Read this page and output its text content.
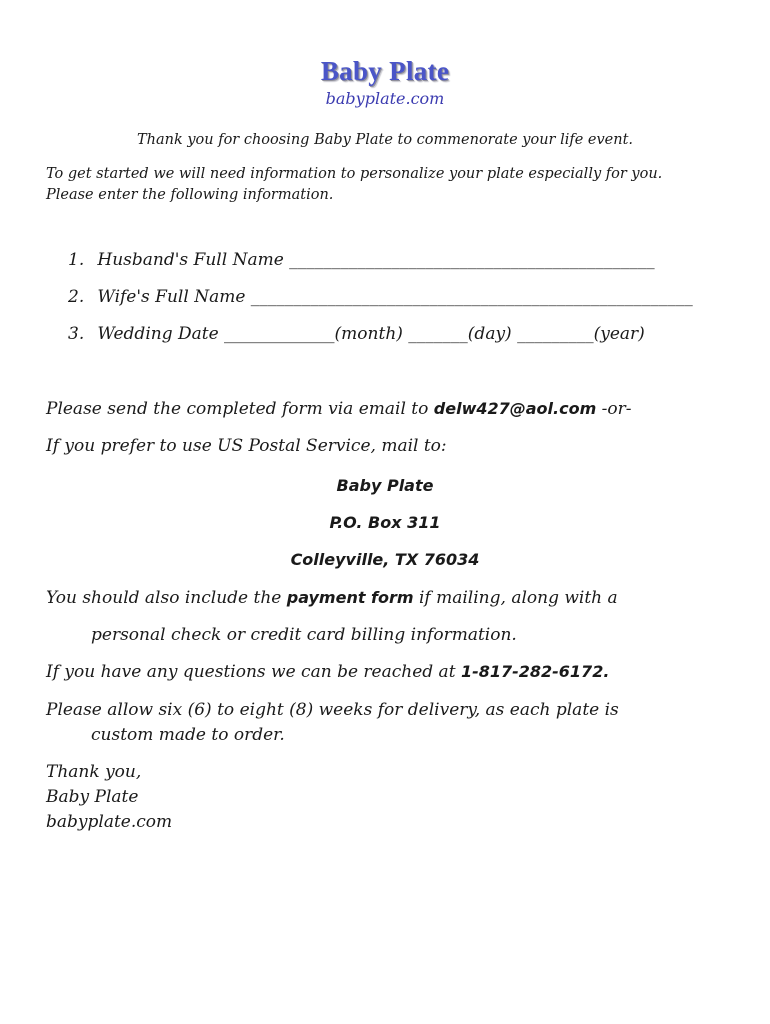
Baby Plate
babyplate.com
Thank you for choosing Baby Plate to commenorate your life event.
To get started we will need information to personalize your plate especially for you.
Please enter the following information.
1. Husband's Full Name ___________________________________________
2. Wife's Full Name ____________________________________________________
3. Wedding Date _____________(month) _______(day) _________(year)
Please send the completed form via email to delw427@aol.com -or-
If you prefer to use US Postal Service, mail to:
Baby Plate
P.O. Box 311
Colleyville, TX 76034
You should also include the payment form if mailing, along with a
personal check or credit card billing information.
If you have any questions we can be reached at 1-817-282-6172.
Please allow six (6) to eight (8) weeks for delivery, as each plate is
custom made to order.
Thank you,
Baby Plate
babyplate.com
